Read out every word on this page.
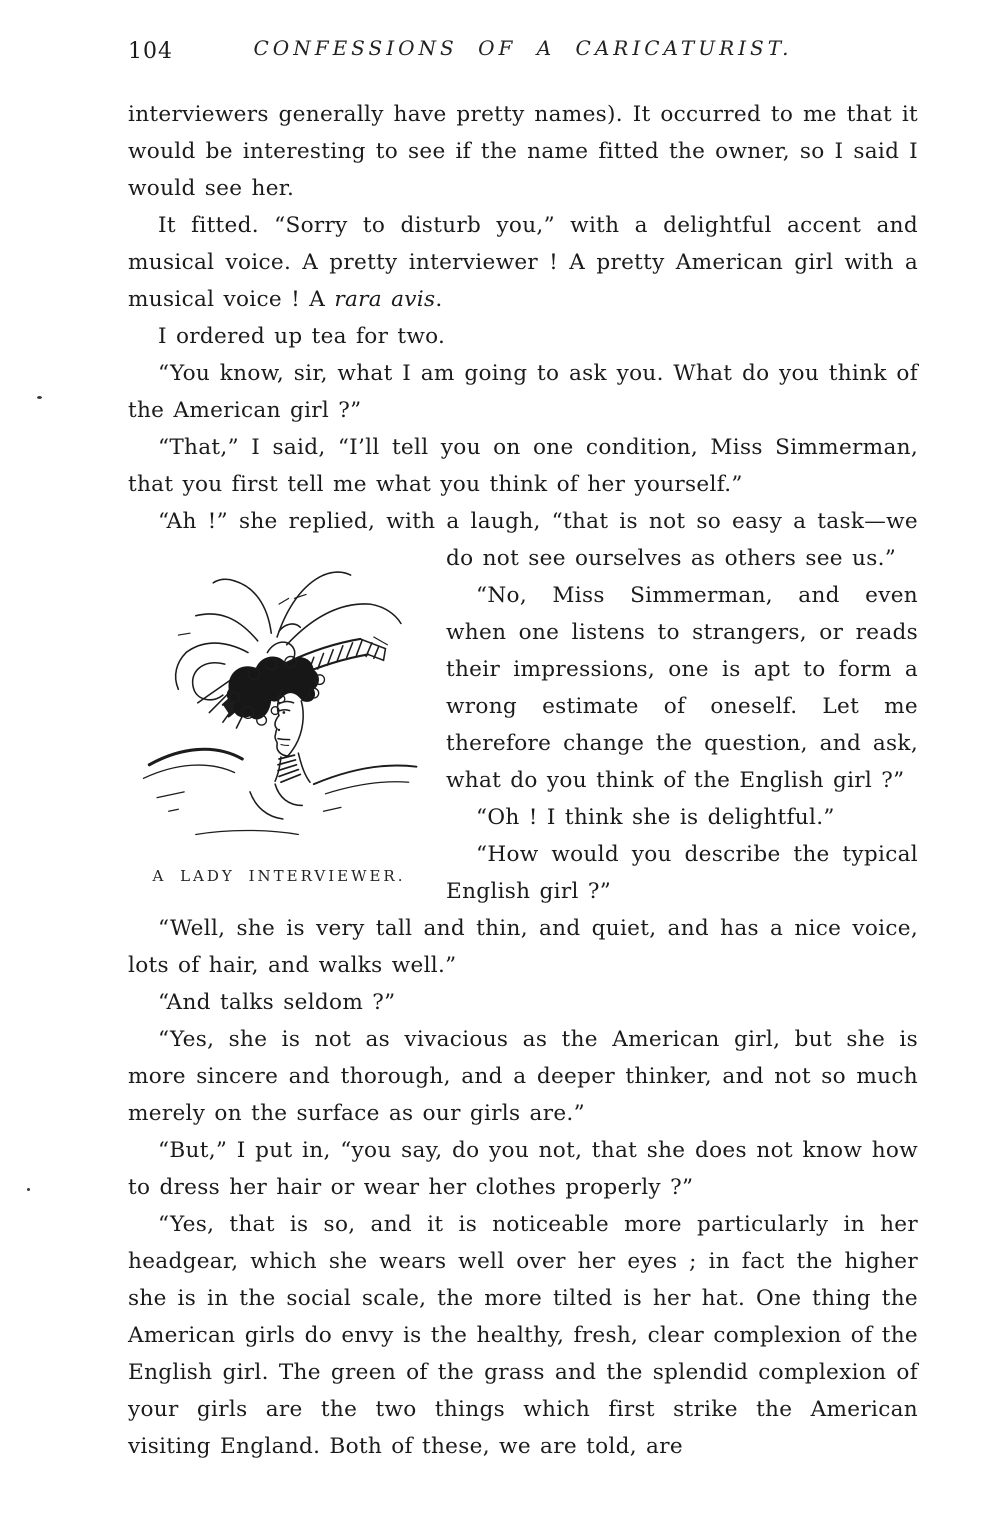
104	CONFESSIONS OF A CARICATURIST.

interviewers generally have pretty names). It occurred to me that it would be interesting to see if the name fitted the owner, so I said I would see her.

It fitted. “Sorry to disturb you,” with a delightful accent and musical voice. A pretty interviewer ! A pretty American girl with a musical voice ! A rara avis.

I ordered up tea for two.

“You know, sir, what I am going to ask you. What do you think of the American girl ?”

“That,” I said, “I’ll tell you on one condition, Miss Simmerman, that you first tell me what you think of her yourself.”

“Ah !” she replied, with a laugh, “that is not so easy a task—
A LADY INTERVIEWER.
we do not see ourselves as others see us.”

“No, Miss Simmerman, and even when one listens to strangers, or reads their impressions, one is apt to form a wrong estimate of oneself. Let me therefore change the question, and ask, what do you think of the English girl ?”

“Oh ! I think she is delightful.”

“How would you describe the typical English girl ?”

“Well, she is very tall and thin, and quiet, and has a nice voice, lots of hair, and walks well.”

“And talks seldom ?”

“Yes, she is not as vivacious as the American girl, but she is more sincere and thorough, and a deeper thinker, and not so much merely on the surface as our girls are.”

“But,” I put in, “you say, do you not, that she does not know how to dress her hair or wear her clothes properly ?”

“Yes, that is so, and it is noticeable more particularly in her headgear, which she wears well over her eyes ; in fact the higher she is in the social scale, the more tilted is her hat. One thing the American girls do envy is the healthy, fresh, clear complexion of the English girl. The green of the grass and the splendid complexion of your girls are the two things which first strike the American visiting England. Both of these, we are told, are
